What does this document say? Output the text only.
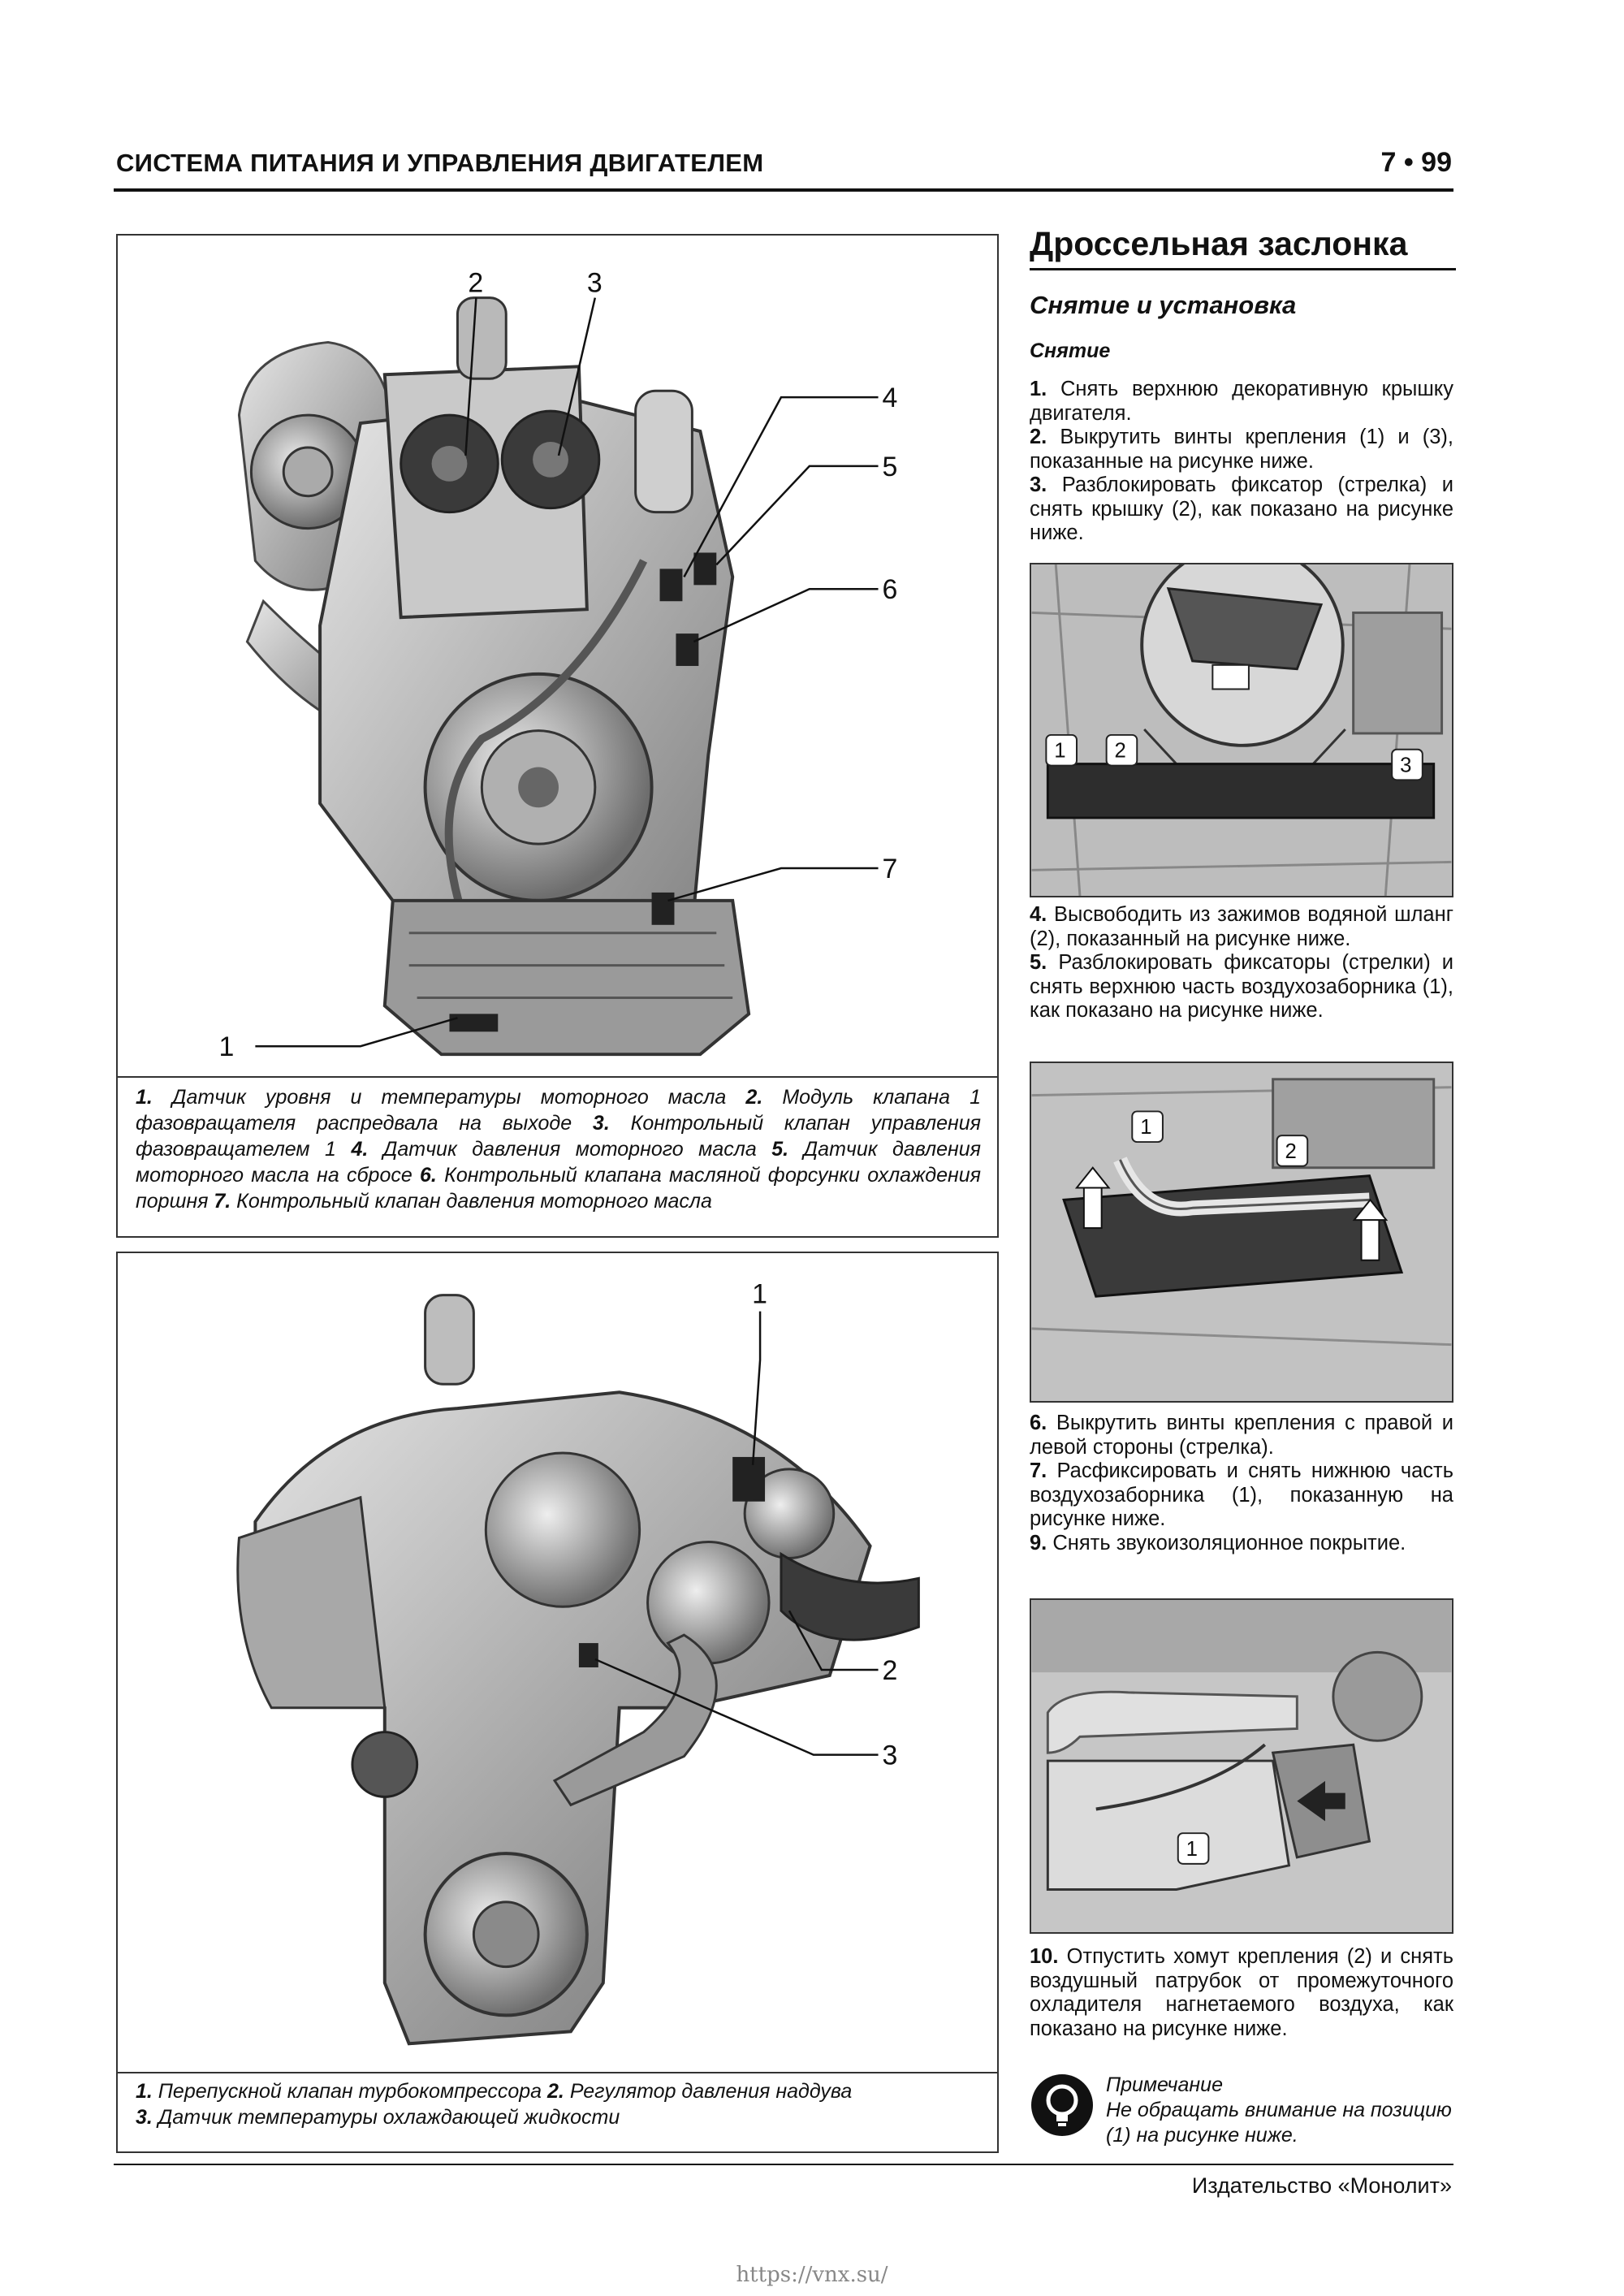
СИСТЕМА ПИТАНИЯ И УПРАВЛЕНИЯ ДВИГАТЕЛЕМ	7 • 99
2	3
4
5
6
7
1
1. Датчик уровня и температуры моторного масла 2. Модуль клапана 1 фазовращателя распредвала на выходе 3. Контрольный клапан управления фазовращателем 1 4. Датчик давления моторного масла 5. Датчик давления моторного масла на сбросе 6. Контрольный клапана масляной форсунки охлаждения поршня 7. Контрольный клапан давления моторного масла
1
2
3
1. Перепускной клапан турбокомпрессора 2. Регулятор давления наддува
3. Датчик температуры охлаждающей жидкости
Дроссельная заслонка
Снятие и установка
Снятие

1. Снять верхнюю декоративную крышку двигателя.

2. Выкрутить винты крепления (1) и (3), показанные на рисунке ниже.

3. Разблокировать фиксатор (стрелка) и снять крышку (2), как показано на рисунке ниже.

1 2
3

4. Высвободить из зажимов водяной шланг (2), показанный на рисунке ниже.

5. Разблокировать фиксаторы (стрелки) и снять верхнюю часть воздухозаборника (1), как показано на рисунке ниже.

1
2

6. Выкрутить винты крепления с правой и левой стороны (стрелка).

7. Расфиксировать и снять нижнюю часть воздухозаборника (1), показанную на рисунке ниже.

9. Снять звукоизоляционное покрытие.

1

10. Отпустить хомут крепления (2) и снять воздушный патрубок от промежуточного охладителя нагнетаемого воздуха, как показано на рисунке ниже.

Примечание
Не обращать внимание на позицию (1) на рисунке ниже.
Издательство «Монолит»
https://vnx.su/
